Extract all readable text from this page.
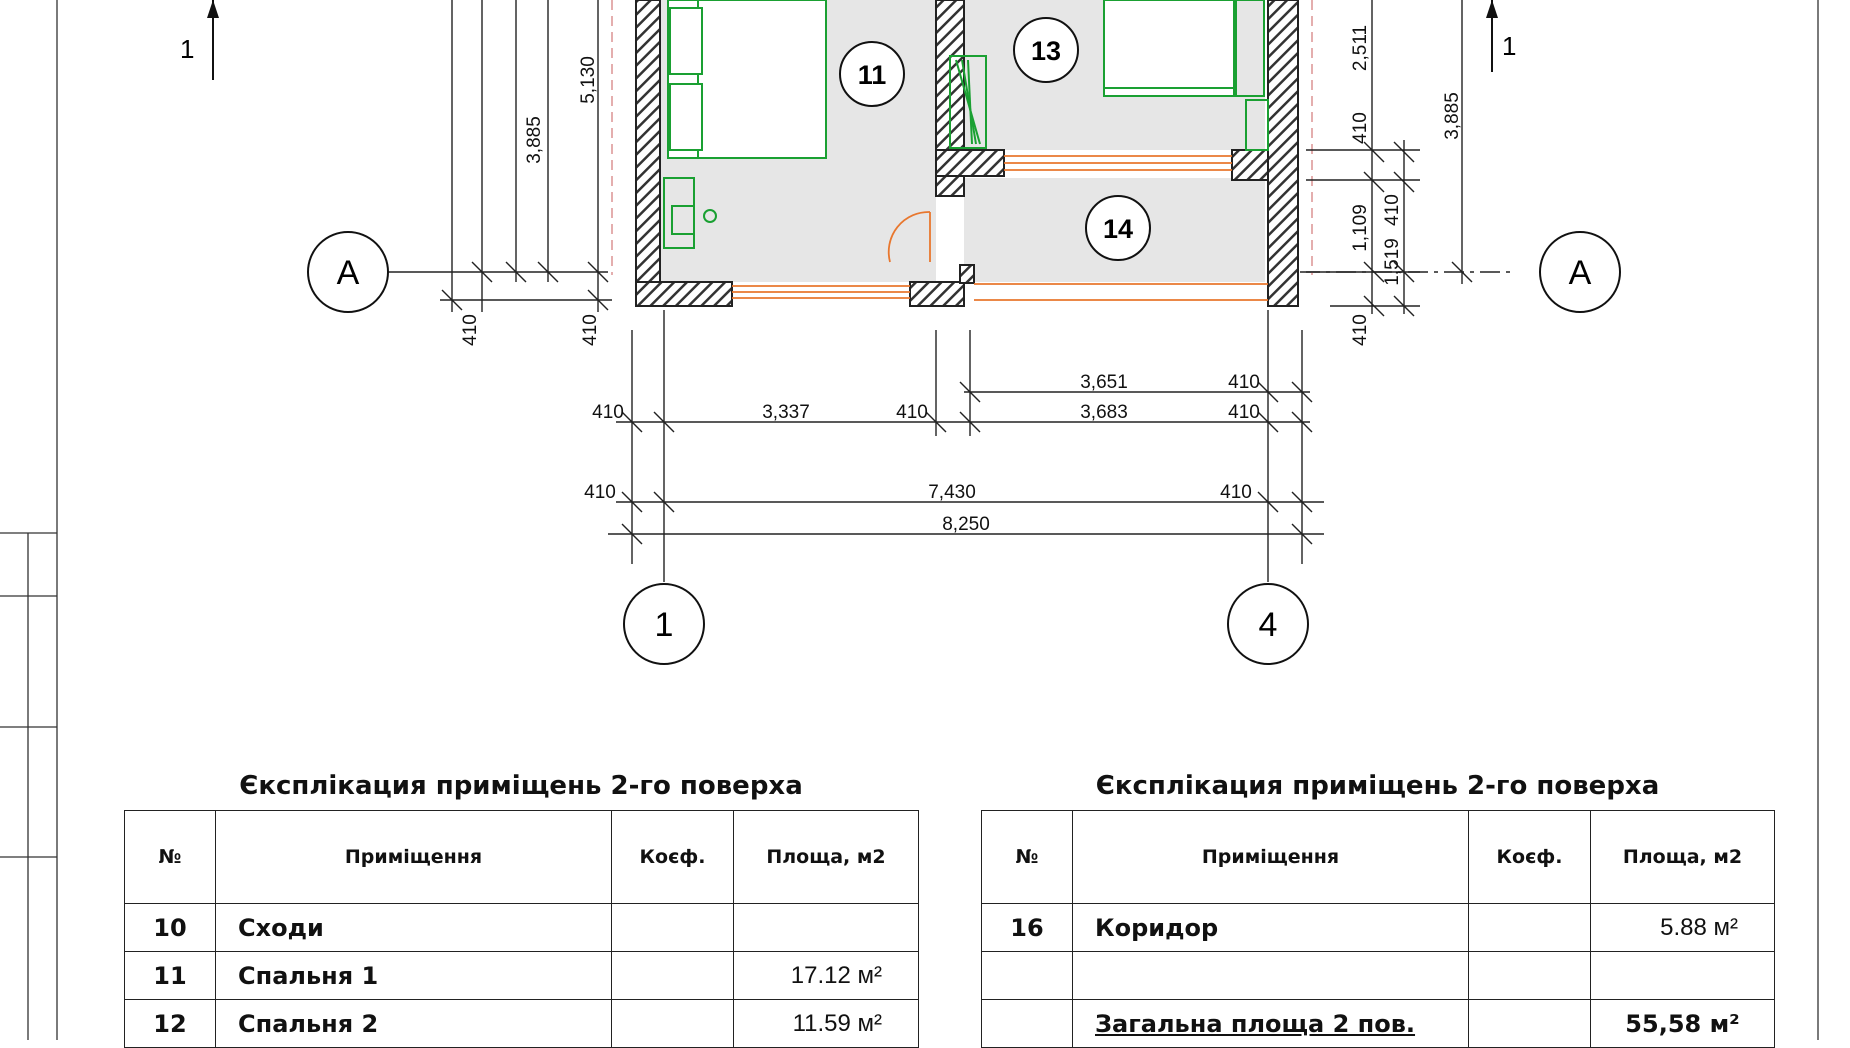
1	1
A	A
1	4
11
13
14
3,885
5,130
410	410
2,511
410
410
1,109
1,519
3,885
410
3,651	410
410	3,337	410	3,683	410
410	7,430	410
8,250
Єксплікация приміщень 2-го поверха
№	Приміщення	Коєф.	Площа, м2
10	Сходи		
11	Спальня 1		17.12 м²
12	Спальня 2		11.59 м²
Єксплікация приміщень 2-го поверха
№	Приміщення	Коєф.	Площа, м2
16	Коридор		5.88 м²

	Загальна площа 2 пов.		55,58 м²
